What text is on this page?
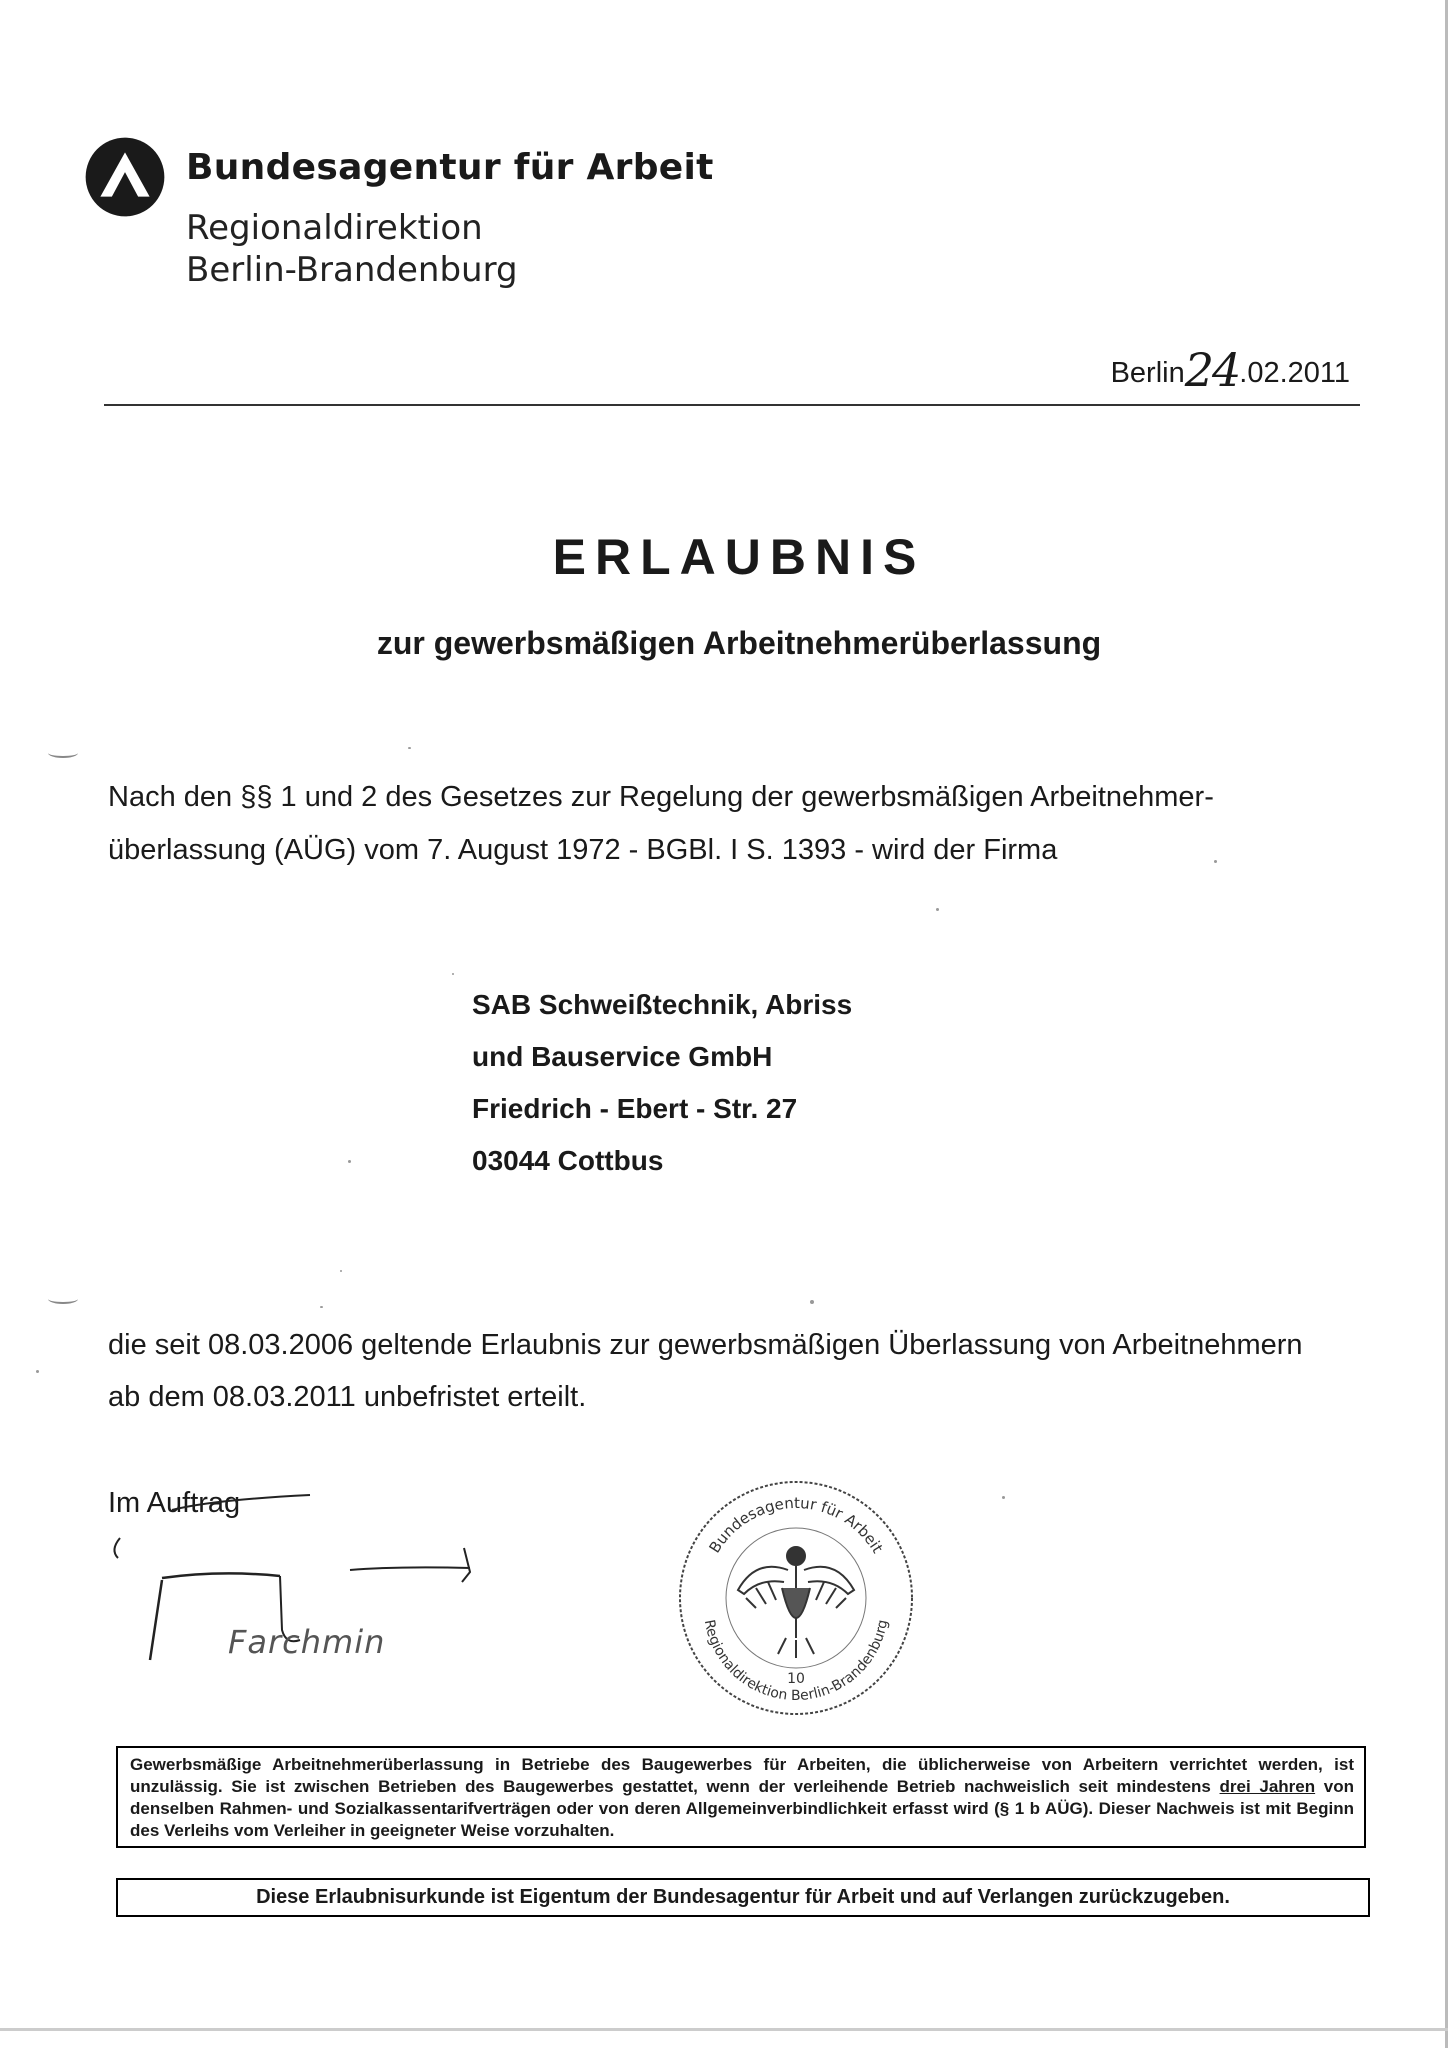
Bundesagentur für Arbeit
Regionaldirektion
Berlin-Brandenburg
Berlin24.02.2011
ERLAUBNIS
zur gewerbsmäßigen Arbeitnehmerüberlassung
Nach den §§ 1 und 2 des Gesetzes zur Regelung der gewerbsmäßigen Arbeitnehmer-
überlassung (AÜG) vom 7. August 1972 - BGBl. I S. 1393 - wird der Firma
SAB Schweißtechnik, Abriss
und Bauservice GmbH
Friedrich - Ebert - Str. 27
03044 Cottbus
die seit 08.03.2006 geltende Erlaubnis zur gewerbsmäßigen Überlassung von Arbeitnehmern
ab dem 08.03.2011 unbefristet erteilt.
Im Auftrag
Farchmin
Bundesagentur für Arbeit
Regionaldirektion Berlin-Brandenburg
10
Gewerbsmäßige Arbeitnehmerüberlassung in Betriebe des Baugewerbes für Arbeiten, die üblicherweise von Arbeitern verrichtet werden, ist unzulässig. Sie ist zwischen Betrieben des Baugewerbes gestattet, wenn der verleihende Betrieb nachweislich seit mindestens drei Jahren von denselben Rahmen- und Sozialkassentarifverträgen oder von deren Allgemeinverbindlichkeit erfasst wird (§ 1 b AÜG). Dieser Nachweis ist mit Beginn des Verleihs vom Verleiher in geeigneter Weise vorzuhalten.
Diese Erlaubnisurkunde ist Eigentum der Bundesagentur für Arbeit und auf Verlangen zurückzugeben.
